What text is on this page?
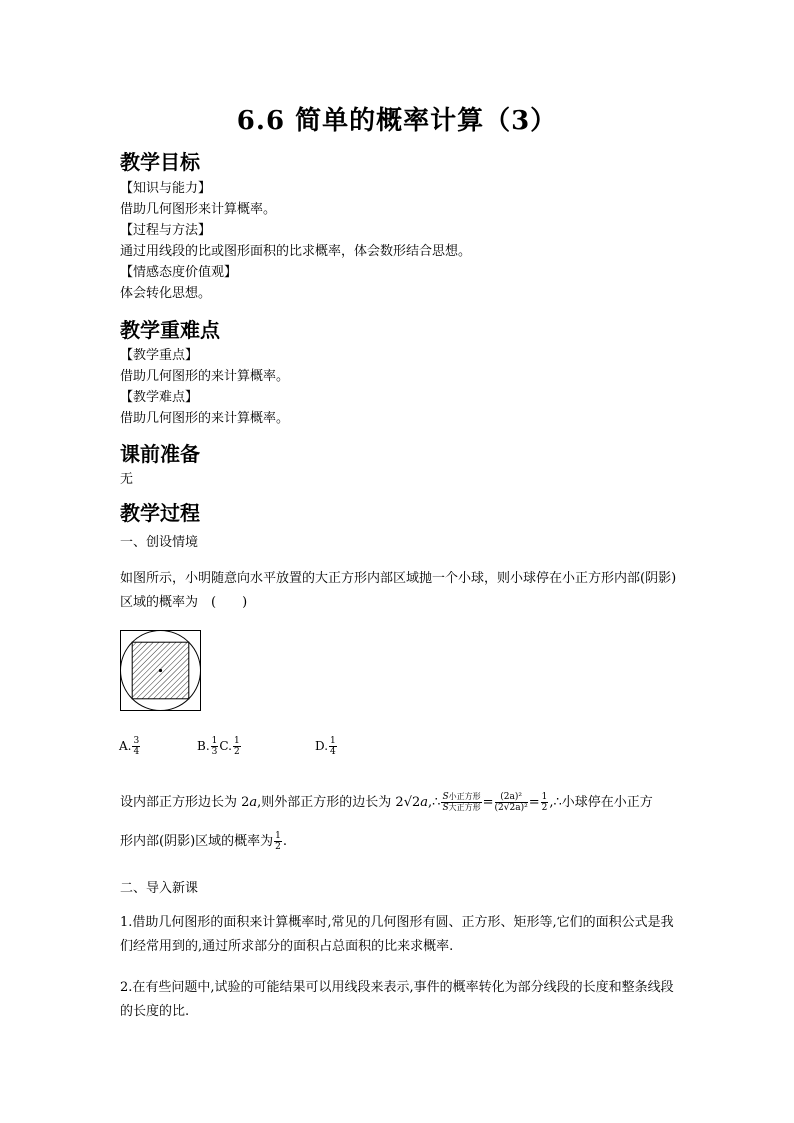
6.6 简单的概率计算（3）
教学目标
【知识与能力】
借助几何图形来计算概率。
【过程与方法】
通过用线段的比或图形面积的比求概率，体会数形结合思想。
【情感态度价值观】
体会转化思想。
教学重难点
【教学重点】
借助几何图形的来计算概率。
【教学难点】
借助几何图形的来计算概率。
课前准备
无
教学过程
一、创设情境
如图所示，小明随意向水平放置的大正方形内部区域抛一个小球，则小球停在小正方形内部(阴影)区域的概率为　(　　)
A. $\frac{3}{4}$	B. $\frac{1}{3} C$. $\frac{1}{2}$	D. $\frac{1}{4}$
设内部正方形边长为 2a,则外部正方形的边长为 2√2a,∴ $\frac{\text{S小正方形}}{\text{S大正方形}} = \frac{\text{(2a)²}}{\text{(2√2a)²}} = \frac{1}{2}$ ,∴小球停在小正方
形内部(阴影)区域的概率为 $\frac{1}{2}$ .
二、导入新课
1.借助几何图形的面积来计算概率时,常见的几何图形有圆、正方形、矩形等,它们的面积公式是我们经常用到的,通过所求部分的面积占总面积的比来求概率.
2.在有些问题中,试验的可能结果可以用线段来表示,事件的概率转化为部分线段的长度和整条线段的长度的比.
